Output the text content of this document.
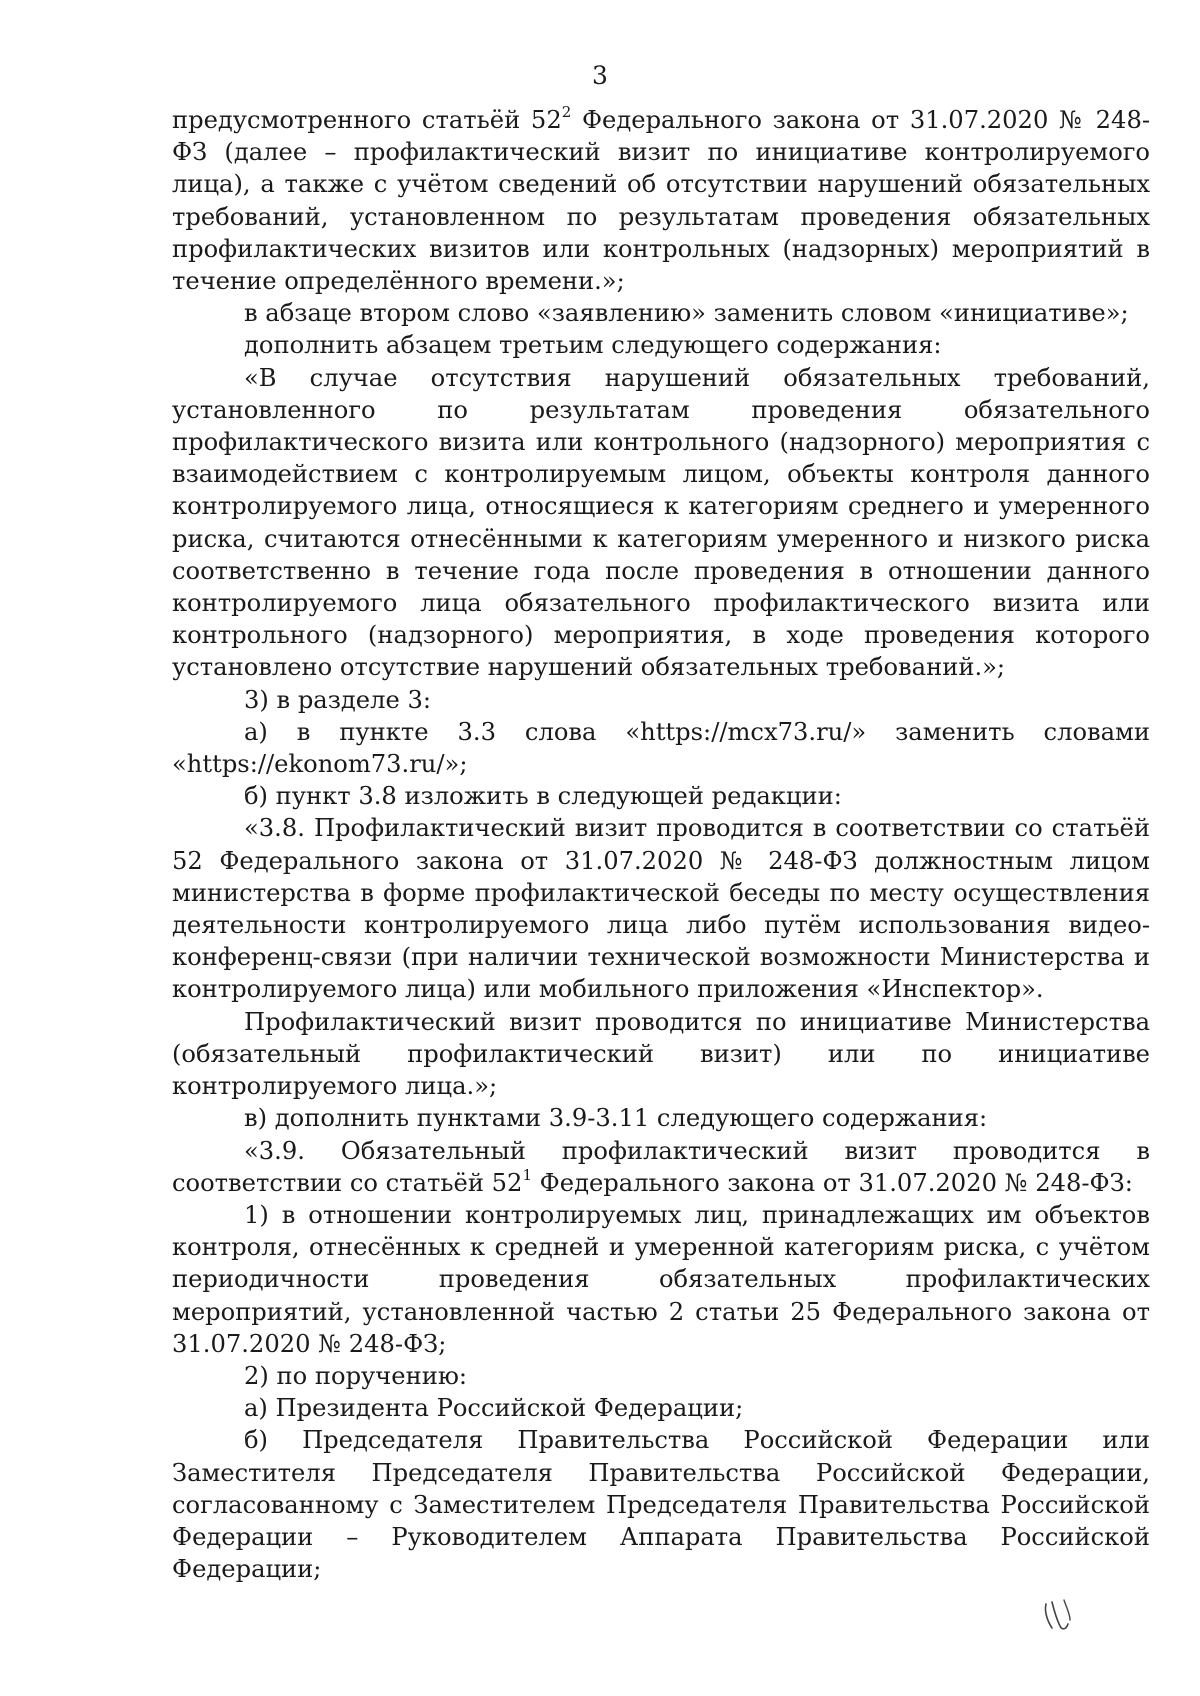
3

предусмотренного статьёй $52^2$ Федерального закона от 31.07.2020 № 248-ФЗ (далее – профилактический визит по инициативе контролируемого лица), а также с учётом сведений об отсутствии нарушений обязательных требований, установленном по результатам проведения обязательных профилактических визитов или контрольных (надзорных) мероприятий в течение определённого времени.»;

в абзаце втором слово «заявлению» заменить словом «инициативе»;

дополнить абзацем третьим следующего содержания:

«В случае отсутствия нарушений обязательных требований, установленного по результатам проведения обязательного профилактического визита или контрольного (надзорного) мероприятия с взаимодействием с контролируемым лицом, объекты контроля данного контролируемого лица, относящиеся к категориям среднего и умеренного риска, считаются отнесёнными к категориям умеренного и низкого риска соответственно в течение года после проведения в отношении данного контролируемого лица обязательного профилактического визита или контрольного (надзорного) мероприятия, в ходе проведения которого установлено отсутствие нарушений обязательных требований.»;

3) в разделе 3:

а) в пункте 3.3 слова «https://mcx73.ru/» заменить словами «https://ekonom73.ru/»;

б) пункт 3.8 изложить в следующей редакции:

«3.8. Профилактический визит проводится в соответствии со статьёй 52 Федерального закона от 31.07.2020 № 248-ФЗ должностным лицом министерства в форме профилактической беседы по месту осуществления деятельности контролируемого лица либо путём использования видео-конференц-связи (при наличии технической возможности Министерства и контролируемого лица) или мобильного приложения «Инспектор».

Профилактический визит проводится по инициативе Министерства (обязательный профилактический визит) или по инициативе контролируемого лица.»;

в) дополнить пунктами 3.9-3.11 следующего содержания:

«3.9. Обязательный профилактический визит проводится в соответствии со статьёй $52^1$ Федерального закона от 31.07.2020 № 248-ФЗ:

1) в отношении контролируемых лиц, принадлежащих им объектов контроля, отнесённых к средней и умеренной категориям риска, с учётом периодичности проведения обязательных профилактических мероприятий, установленной частью 2 статьи 25 Федерального закона от 31.07.2020 № 248-ФЗ;

2) по поручению:

а) Президента Российской Федерации;

б) Председателя Правительства Российской Федерации или Заместителя Председателя Правительства Российской Федерации, согласованному с Заместителем Председателя Правительства Российской Федерации – Руководителем Аппарата Правительства Российской Федерации;
